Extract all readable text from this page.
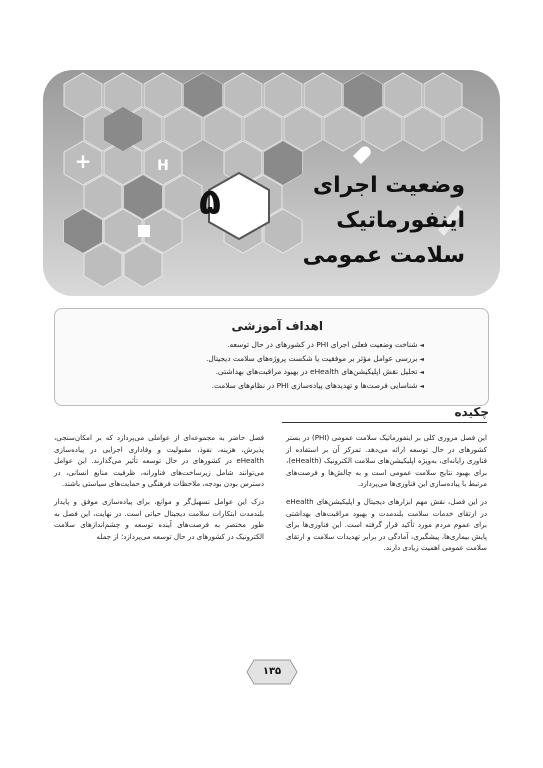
H
+
۵	وضعیت اجرای
اینفورماتیک
سلامت عمومی
اهداف آموزشی
◄ شناخت وضعیت فعلی اجرای PHI در کشورهای در حال توسعه.
◄ بررسی عوامل مؤثر بر موفقیت یا شکست پروژه‌های سلامت دیجیتال.
◄ تحلیل نقش اپلیکیشن‌های eHealth در بهبود مراقبت‌های بهداشتی.
◄ شناسایی فرصت‌ها و تهدیدهای پیاده‌سازی PHI در نظام‌های سلامت.
چکیده

این فصل مروری کلی بر اینفورماتیک سلامت عمومی (PHI) در بستر کشورهای در حال توسعه ارائه می‌دهد. تمرکز آن بر استفاده از فناوری رایانه‌ای، به‌ویژه اپلیکیشن‌های سلامت الکترونیک (eHealth)، برای بهبود نتایج سلامت عمومی است و به چالش‌ها و فرصت‌های مرتبط با پیاده‌سازی این فناوری‌ها می‌پردازد.

در این فصل، نقش مهم ابزارهای دیجیتال و اپلیکیشن‌های eHealth در ارتقای خدمات سلامت بلندمدت و بهبود مراقبت‌های بهداشتی برای عموم مردم مورد تأکید قرار گرفته است. این فناوری‌ها برای پایش بیماری‌ها، پیشگیری، آمادگی در برابر تهدیدات سلامت و ارتقای سلامت عمومی اهمیت زیادی دارند.

فصل حاضر به مجموعه‌ای از عواملی می‌پردازد که بر امکان‌سنجی، پذیرش، هزینه، نفوذ، مقبولیت و وفاداری اجرایی در پیاده‌سازی eHealth در کشورهای در حال توسعه تأثیر می‌گذارند. این عوامل می‌توانند شامل زیرساخت‌های فناورانه، ظرفیت منابع انسانی، در دسترس بودن بودجه، ملاحظات فرهنگی و حمایت‌های سیاستی باشند.

درک این عوامل تسهیل‌گر و موانع، برای پیاده‌سازی موفق و پایدار بلندمدت ابتکارات سلامت دیجیتال حیاتی است. در نهایت، این فصل به طور مختصر به فرصت‌های آینده توسعه و چشم‌اندازهای سلامت الکترونیک در کشورهای در حال توسعه می‌پردازد؛ از جمله

۱۳۵
